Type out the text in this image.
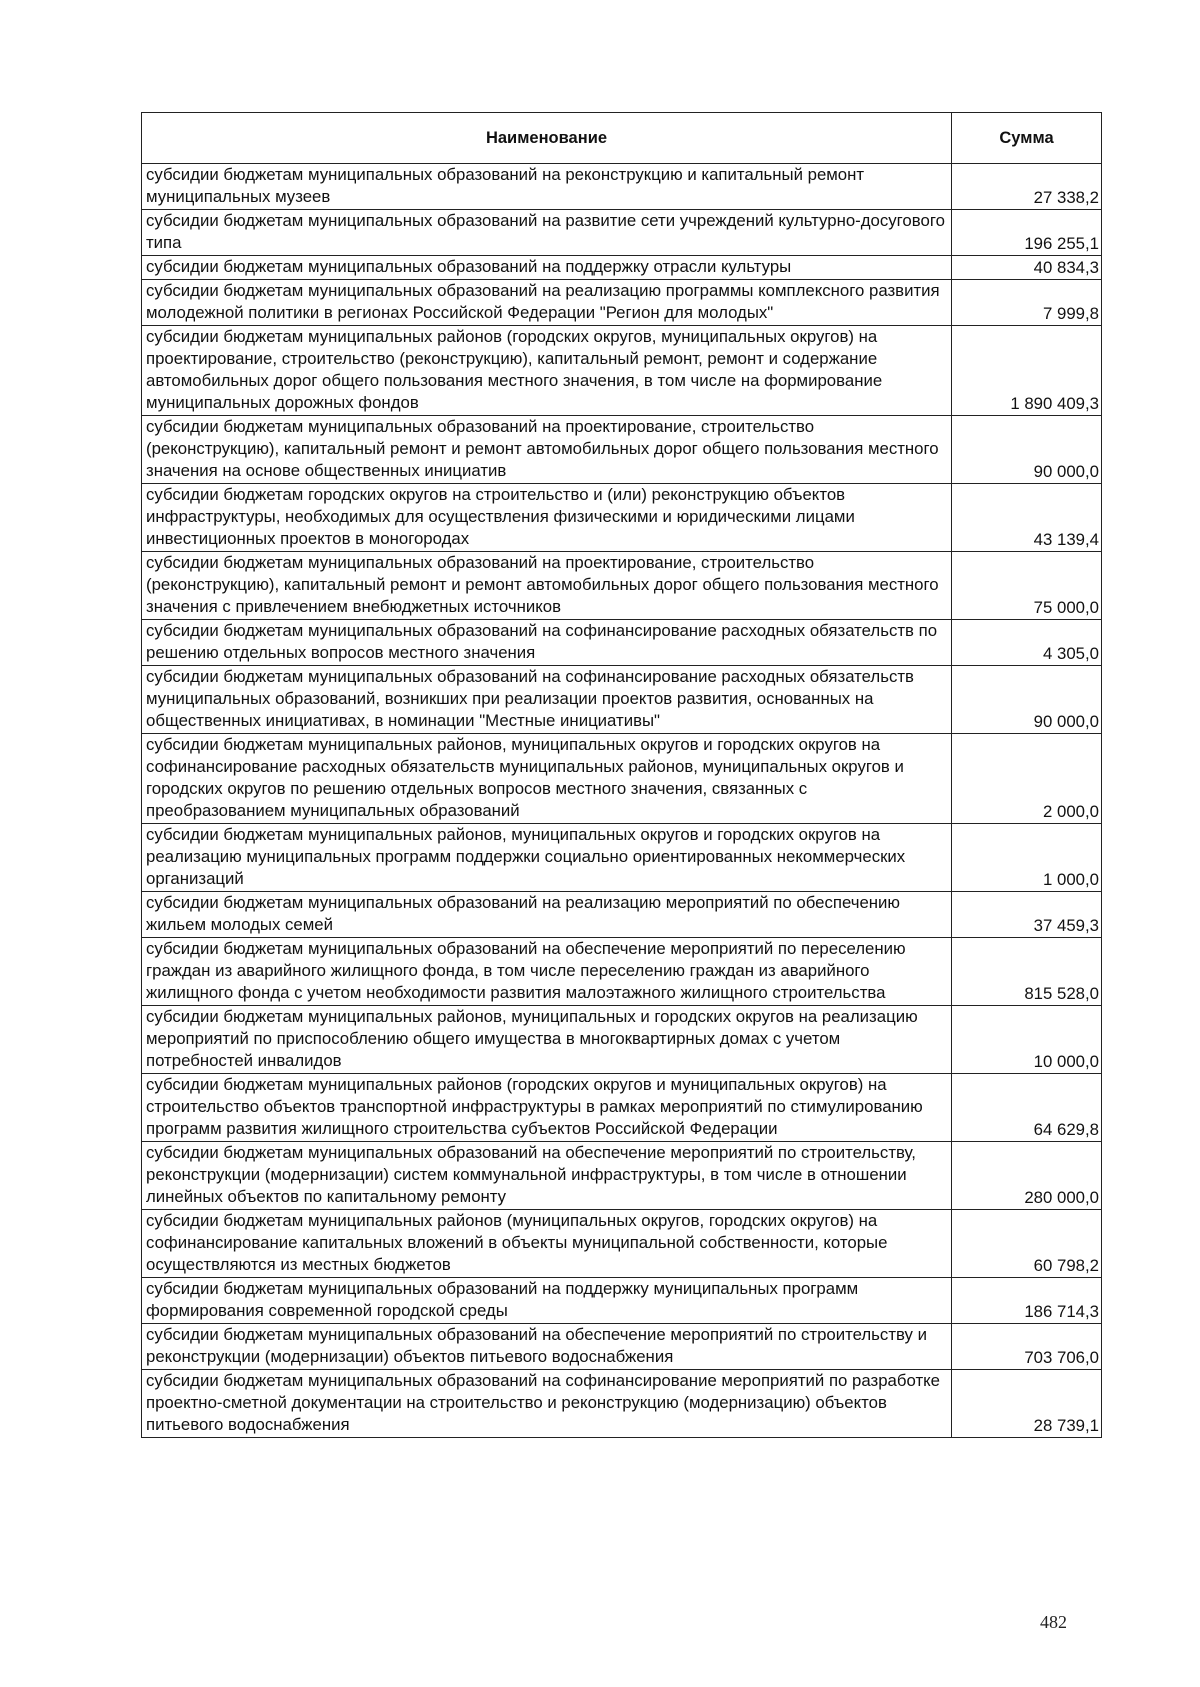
Наименование	Сумма
субсидии бюджетам муниципальных образований на реконструкцию и капитальный ремонт муниципальных музеев	27 338,2
субсидии бюджетам муниципальных образований на развитие сети учреждений культурно-досугового типа	196 255,1
субсидии бюджетам муниципальных образований на поддержку отрасли культуры	40 834,3
субсидии бюджетам муниципальных образований на реализацию программы комплексного развития молодежной политики в регионах Российской Федерации "Регион для молодых"	7 999,8
субсидии бюджетам муниципальных районов (городских округов, муниципальных округов) на проектирование, строительство (реконструкцию), капитальный ремонт, ремонт и содержание автомобильных дорог общего пользования местного значения, в том числе на формирование муниципальных дорожных фондов	1 890 409,3
субсидии бюджетам муниципальных образований на проектирование, строительство (реконструкцию), капитальный ремонт и ремонт автомобильных дорог общего пользования местного значения на основе общественных инициатив	90 000,0
субсидии бюджетам городских округов на строительство и (или) реконструкцию объектов инфраструктуры, необходимых для осуществления физическими и юридическими лицами инвестиционных проектов в моногородах	43 139,4
субсидии бюджетам муниципальных образований на проектирование, строительство (реконструкцию), капитальный ремонт и ремонт автомобильных дорог общего пользования местного значения с привлечением внебюджетных источников	75 000,0
субсидии бюджетам муниципальных образований на софинансирование расходных обязательств по решению отдельных вопросов местного значения	4 305,0
субсидии бюджетам муниципальных образований на софинансирование расходных обязательств муниципальных образований, возникших при реализации проектов развития, основанных на общественных инициативах, в номинации "Местные инициативы"	90 000,0
субсидии бюджетам муниципальных районов, муниципальных округов и городских округов на софинансирование расходных обязательств муниципальных районов, муниципальных округов и городских округов по решению отдельных вопросов местного значения, связанных с преобразованием муниципальных образований	2 000,0
субсидии бюджетам муниципальных районов, муниципальных округов и городских округов на реализацию муниципальных программ поддержки социально ориентированных некоммерческих организаций	1 000,0
субсидии бюджетам муниципальных образований на реализацию мероприятий по обеспечению жильем молодых семей	37 459,3
субсидии бюджетам муниципальных образований на обеспечение мероприятий по переселению граждан из аварийного жилищного фонда, в том числе переселению граждан из аварийного жилищного фонда с учетом необходимости развития малоэтажного жилищного строительства	815 528,0
субсидии бюджетам муниципальных районов, муниципальных и городских округов на реализацию мероприятий по приспособлению общего имущества в многоквартирных домах с учетом потребностей инвалидов	10 000,0
субсидии бюджетам муниципальных районов (городских округов и муниципальных округов) на строительство объектов транспортной инфраструктуры в рамках мероприятий по стимулированию программ развития жилищного строительства субъектов Российской Федерации	64 629,8
субсидии бюджетам муниципальных образований на обеспечение мероприятий по строительству, реконструкции (модернизации) систем коммунальной инфраструктуры, в том числе в отношении линейных объектов по капитальному ремонту	280 000,0
субсидии бюджетам муниципальных районов (муниципальных округов, городских округов) на софинансирование капитальных вложений в объекты муниципальной собственности, которые осуществляются из местных бюджетов	60 798,2
субсидии бюджетам муниципальных образований на поддержку муниципальных программ формирования современной городской среды	186 714,3
субсидии бюджетам муниципальных образований на обеспечение мероприятий по строительству и реконструкции (модернизации) объектов питьевого водоснабжения	703 706,0
субсидии бюджетам муниципальных образований на софинансирование мероприятий по разработке проектно-сметной документации на строительство и реконструкцию (модернизацию) объектов питьевого водоснабжения	28 739,1
482
